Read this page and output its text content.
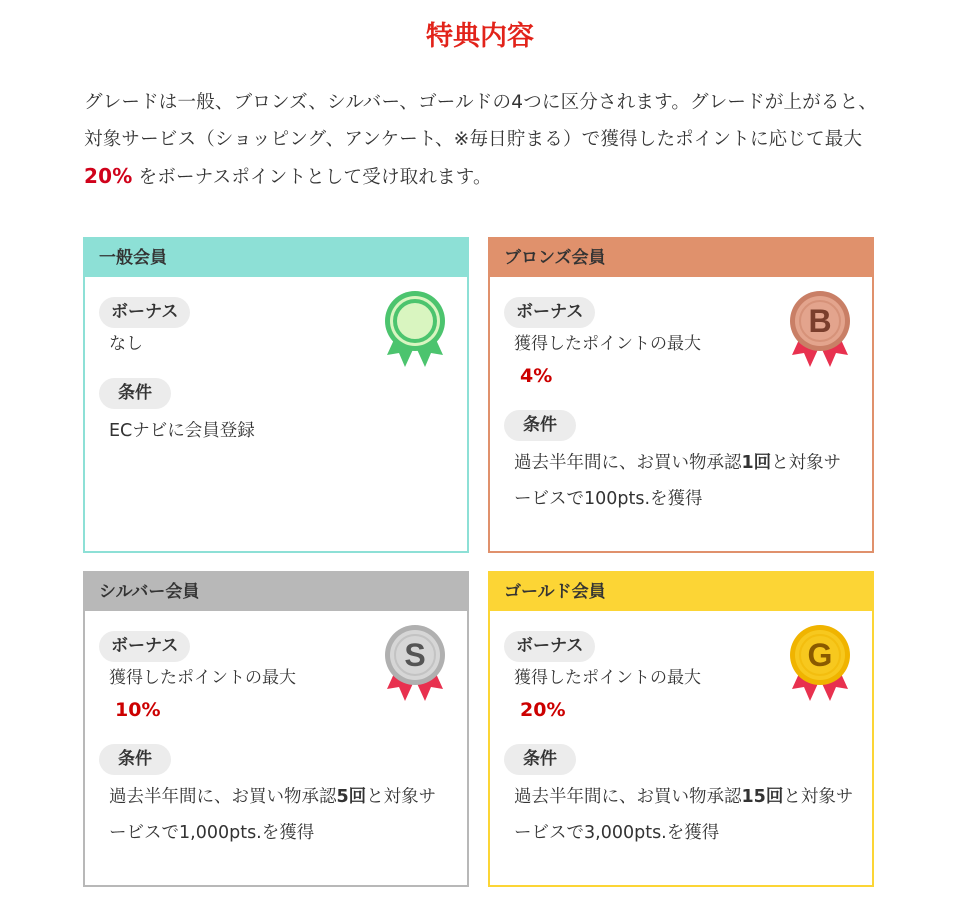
特典内容

グレードは一般、ブロンズ、シルバー、ゴールドの4つに区分されます。グレードが上がると、対象サービス（ショッピング、アンケート、※毎日貯まる）で獲得したポイントに応じて最大20% をボーナスポイントとして受け取れます。

一般会員
ボーナス
なし
条件
ECナビに会員登録
ブロンズ会員
B
ボーナス
獲得したポイントの最大
4%
条件
過去半年間に、お買い物承認1回と対象サービスで100pts.を獲得
シルバー会員
S
ボーナス
獲得したポイントの最大
10%
条件
過去半年間に、お買い物承認5回と対象サービスで1,000pts.を獲得
ゴールド会員
G
ボーナス
獲得したポイントの最大
20%
条件
過去半年間に、お買い物承認15回と対象サービスで3,000pts.を獲得
